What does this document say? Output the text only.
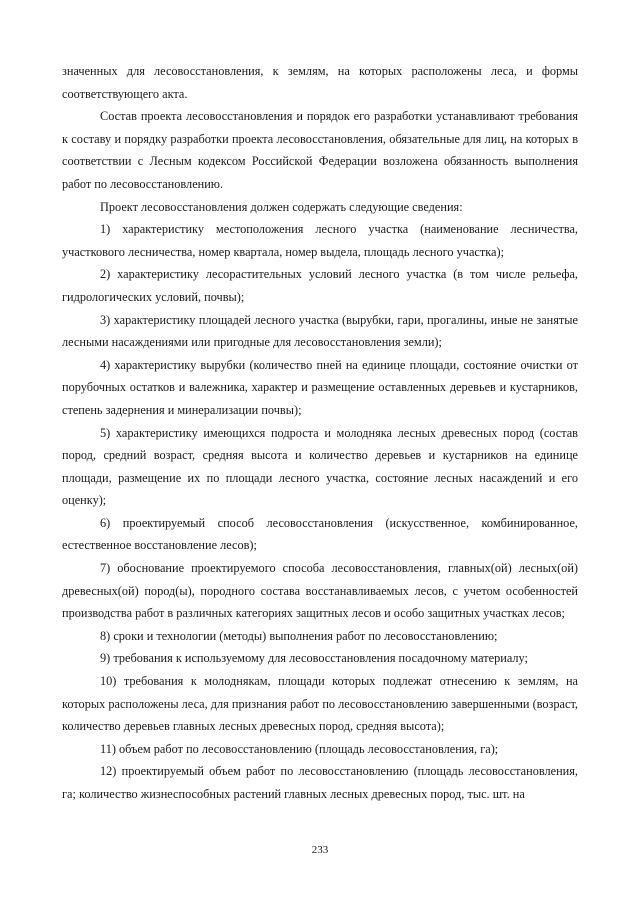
значенных для лесовосстановления, к землям, на которых расположены леса, и формы соответствующего акта.

Состав проекта лесовосстановления и порядок его разработки устанавливают требования к составу и порядку разработки проекта лесовосстановления, обязательные для лиц, на которых в соответствии с Лесным кодексом Российской Федерации возложена обязанность выполнения работ по лесовосстановлению.

Проект лесовосстановления должен содержать следующие сведения:

1) характеристику местоположения лесного участка (наименование лесничества, участкового лесничества, номер квартала, номер выдела, площадь лесного участка);

2) характеристику лесорастительных условий лесного участка (в том числе рельефа, гидрологических условий, почвы);

3) характеристику площадей лесного участка (вырубки, гари, прогалины, иные не занятые лесными насаждениями или пригодные для лесовосстановления земли);

4) характеристику вырубки (количество пней на единице площади, состояние очистки от порубочных остатков и валежника, характер и размещение оставленных деревьев и кустарников, степень задернения и минерализации почвы);

5) характеристику имеющихся подроста и молодняка лесных древесных пород (состав пород, средний возраст, средняя высота и количество деревьев и кустарников на единице площади, размещение их по площади лесного участка, состояние лесных насаждений и его оценку);

6) проектируемый способ лесовосстановления (искусственное, комбинированное, естественное восстановление лесов);

7) обоснование проектируемого способа лесовосстановления, главных(ой) лесных(ой) древесных(ой) пород(ы), породного состава восстанавливаемых лесов, с учетом особенностей производства работ в различных категориях защитных лесов и особо защитных участках лесов;

8) сроки и технологии (методы) выполнения работ по лесовосстановлению;

9) требования к используемому для лесовосстановления посадочному материалу;

10) требования к молоднякам, площади которых подлежат отнесению к землям, на которых расположены леса, для признания работ по лесовосстановлению завершенными (возраст, количество деревьев главных лесных древесных пород, средняя высота);

11) объем работ по лесовосстановлению (площадь лесовосстановления, га);

12) проектируемый объем работ по лесовосстановлению (площадь лесовосстановления, га; количество жизнеспособных растений главных лесных древесных пород, тыс. шт. на

233
